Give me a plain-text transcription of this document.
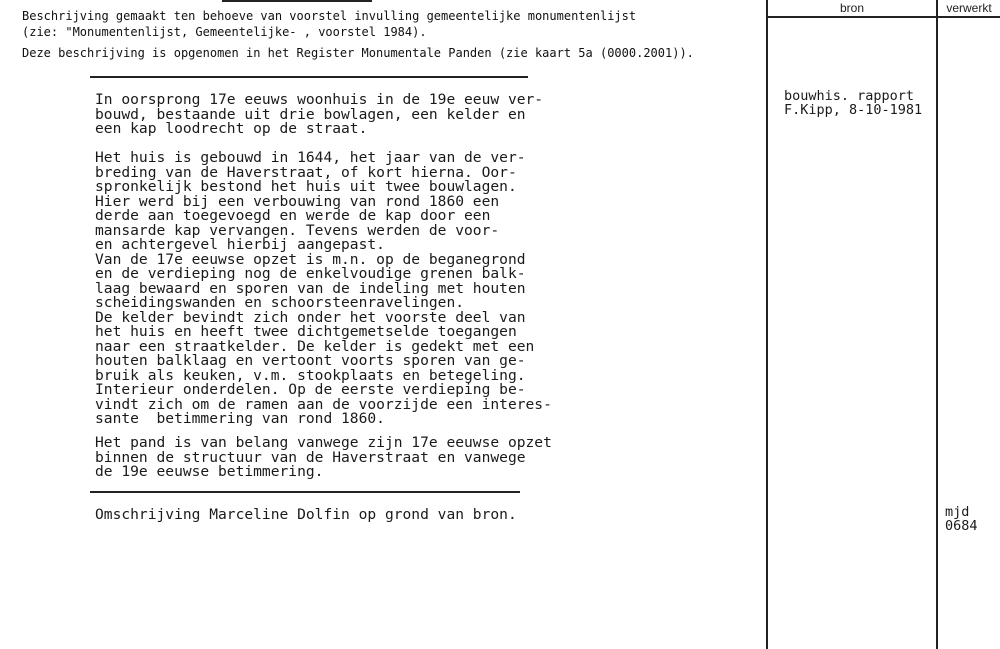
Beschrijving gemaakt ten behoeve van voorstel invulling gemeentelijke monumentenlijst
(zie: "Monumentenlijst, Gemeentelijke- , voorstel 1984).
Deze beschrijving is opgenomen in het Register Monumentale Panden (zie kaart 5a (0000.2001)).
In oorsprong 17e eeuws woonhuis in de 19e eeuw ver-
bouwd, bestaande uit drie bowlagen, een kelder en
een kap loodrecht op de straat.
Het huis is gebouwd in 1644, het jaar van de ver-
breding van de Haverstraat, of kort hierna. Oor-
spronkelijk bestond het huis uit twee bouwlagen.
Hier werd bij een verbouwing van rond 1860 een
derde aan toegevoegd en werde de kap door een
mansarde kap vervangen. Tevens werden de voor-
en achtergevel hierbij aangepast.
Van de 17e eeuwse opzet is m.n. op de beganegrond
en de verdieping nog de enkelvoudige grenen balk-
laag bewaard en sporen van de indeling met houten
scheidingswanden en schoorsteenravelingen.
De kelder bevindt zich onder het voorste deel van
het huis en heeft twee dichtgemetselde toegangen
naar een straatkelder. De kelder is gedekt met een
houten balklaag en vertoont voorts sporen van ge-
bruik als keuken, v.m. stookplaats en betegeling.
Interieur onderdelen. Op de eerste verdieping be-
vindt zich om de ramen aan de voorzijde een interes-
sante  betimmering van rond 1860.
Het pand is van belang vanwege zijn 17e eeuwse opzet
binnen de structuur van de Haverstraat en vanwege
de 19e eeuwse betimmering.
Omschrijving Marceline Dolfin op grond van bron.
bron	verwerkt
bouwhis. rapport
F.Kipp, 8-10-1981
mjd
0684
